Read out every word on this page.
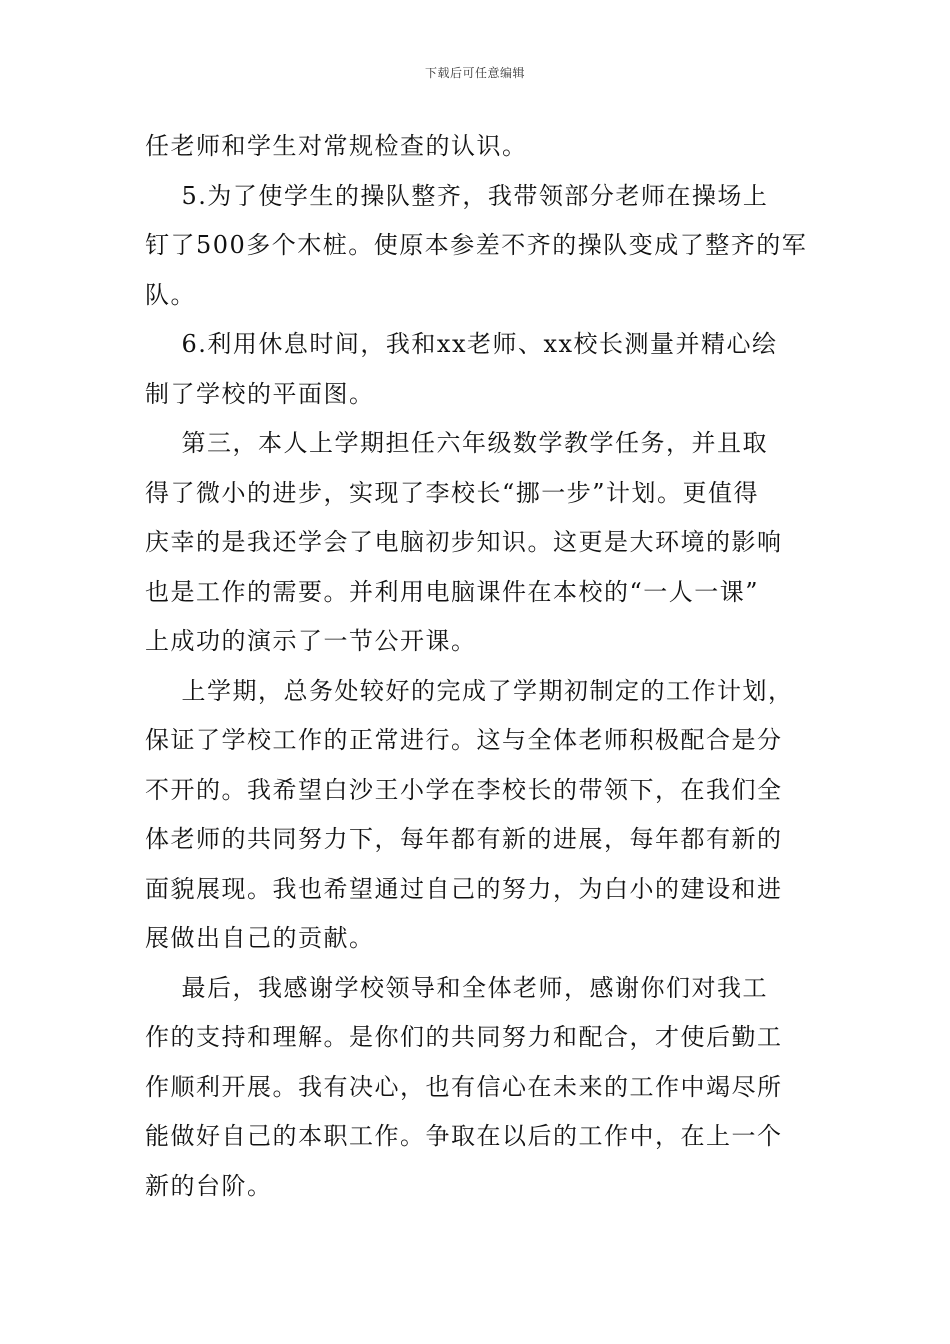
下载后可任意编辑
任老师和学生对常规检查的认识。
5.为了使学生的操队整齐，我带领部分老师在操场上
钉了500多个木桩。使原本参差不齐的操队变成了整齐的军
队。
6.利用休息时间，我和xx老师、xx校长测量并精心绘
制了学校的平面图。
第三，本人上学期担任六年级数学教学任务，并且取
得了微小的进步，实现了李校长“挪一步”计划。更值得
庆幸的是我还学会了电脑初步知识。这更是大环境的影响
也是工作的需要。并利用电脑课件在本校的“一人一课”
上成功的演示了一节公开课。
上学期，总务处较好的完成了学期初制定的工作计划，
保证了学校工作的正常进行。这与全体老师积极配合是分
不开的。我希望白沙王小学在李校长的带领下，在我们全
体老师的共同努力下，每年都有新的进展，每年都有新的
面貌展现。我也希望通过自己的努力，为白小的建设和进
展做出自己的贡献。
最后，我感谢学校领导和全体老师，感谢你们对我工
作的支持和理解。是你们的共同努力和配合，才使后勤工
作顺利开展。我有决心，也有信心在未来的工作中竭尽所
能做好自己的本职工作。争取在以后的工作中，在上一个
新的台阶。
